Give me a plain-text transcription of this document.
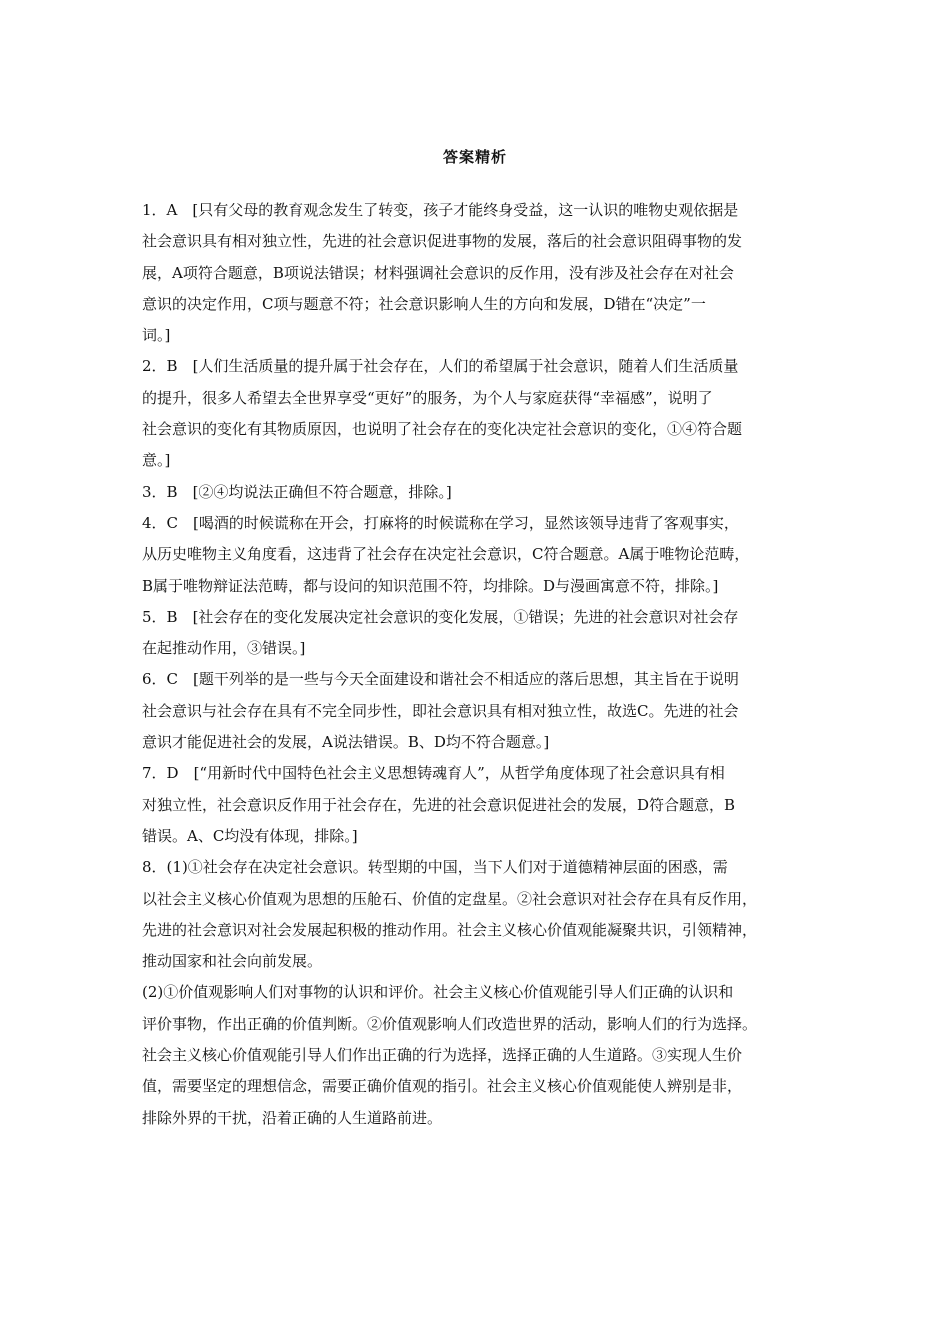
答案精析
1．A　[只有父母的教育观念发生了转变，孩子才能终身受益，这一认识的唯物史观依据是
社会意识具有相对独立性，先进的社会意识促进事物的发展，落后的社会意识阻碍事物的发
展，A项符合题意，B项说法错误；材料强调社会意识的反作用，没有涉及社会存在对社会
意识的决定作用，C项与题意不符；社会意识影响人生的方向和发展，D错在“决定”一
词。]
2．B　[人们生活质量的提升属于社会存在，人们的希望属于社会意识，随着人们生活质量
的提升，很多人希望去全世界享受“更好”的服务，为个人与家庭获得“幸福感”，说明了
社会意识的变化有其物质原因，也说明了社会存在的变化决定社会意识的变化，①④符合题
意。]
3．B　[②④均说法正确但不符合题意，排除。]
4．C　[喝酒的时候谎称在开会，打麻将的时候谎称在学习，显然该领导违背了客观事实，
从历史唯物主义角度看，这违背了社会存在决定社会意识，C符合题意。A属于唯物论范畴，
B属于唯物辩证法范畴，都与设问的知识范围不符，均排除。D与漫画寓意不符，排除。]
5．B　[社会存在的变化发展决定社会意识的变化发展，①错误；先进的社会意识对社会存
在起推动作用，③错误。]
6．C　[题干列举的是一些与今天全面建设和谐社会不相适应的落后思想，其主旨在于说明
社会意识与社会存在具有不完全同步性，即社会意识具有相对独立性，故选C。先进的社会
意识才能促进社会的发展，A说法错误。B、D均不符合题意。]
7．D　[“用新时代中国特色社会主义思想铸魂育人”，从哲学角度体现了社会意识具有相
对独立性，社会意识反作用于社会存在，先进的社会意识促进社会的发展，D符合题意，B
错误。A、C均没有体现，排除。]
8．(1)①社会存在决定社会意识。转型期的中国，当下人们对于道德精神层面的困惑，需
以社会主义核心价值观为思想的压舱石、价值的定盘星。②社会意识对社会存在具有反作用，
先进的社会意识对社会发展起积极的推动作用。社会主义核心价值观能凝聚共识，引领精神，
推动国家和社会向前发展。
(2)①价值观影响人们对事物的认识和评价。社会主义核心价值观能引导人们正确的认识和
评价事物，作出正确的价值判断。②价值观影响人们改造世界的活动，影响人们的行为选择。
社会主义核心价值观能引导人们作出正确的行为选择，选择正确的人生道路。③实现人生价
值，需要坚定的理想信念，需要正确价值观的指引。社会主义核心价值观能使人辨别是非，
排除外界的干扰，沿着正确的人生道路前进。
